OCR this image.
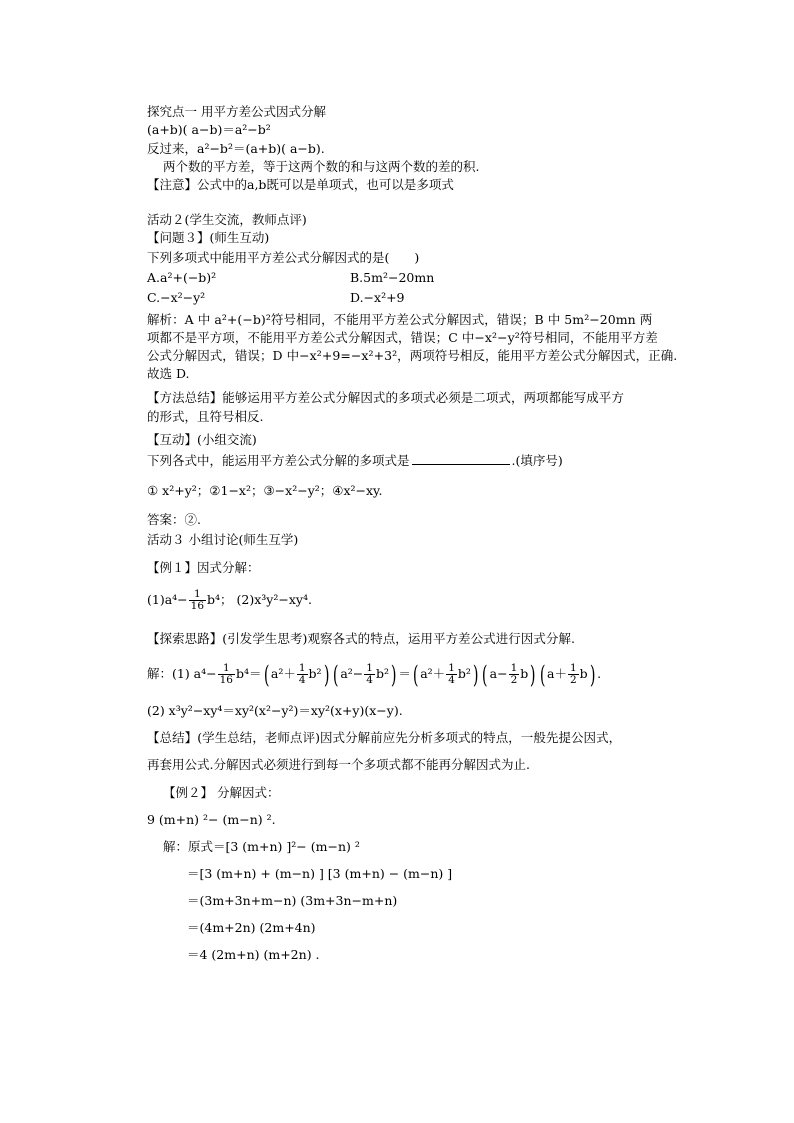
探究点一 用平方差公式因式分解
(a+b)( a−b)＝a²−b²
反过来，a²−b²＝(a+b)( a−b).
两个数的平方差，等于这两个数的和与这两个数的差的积.
【注意】公式中的a,b既可以是单项式，也可以是多项式
活动２(学生交流，教师点评)
【问题３】(师生互动)
下列多项式中能用平方差公式分解因式的是(　　)
A.a²+(−b)²	B.5m²−20mn
C.−x²−y²	D.−x²+9
解析：A 中 a²+(−b)²符号相同，不能用平方差公式分解因式，错误；B 中 5m²−20mn 两
项都不是平方项，不能用平方差公式分解因式，错误；C 中−x²−y²符号相同，不能用平方差
公式分解因式，错误；D 中−x²+9=−x²+3²，两项符号相反，能用平方差公式分解因式，正确.
故选 D.
【方法总结】能够运用平方差公式分解因式的多项式必须是二项式，两项都能写成平方
的形式，且符号相反.
【互动】(小组交流)
下列各式中，能运用平方差公式分解的多项式是	.(填序号)
① x²+y²；②1−x²；③−x²−y²；④x²−xy.
答案：②.
活动３ 小组讨论(师生互学)
【例１】因式分解：
$(1)a^4- \frac{1}{16} b^4$； (2)x³y²−xy⁴.
【探索思路】(引发学生思考)观察各式的特点，运用平方差公式进行因式分解.
解：(1) $a^4- \frac{1}{16} b^4=$( $a^2+ \frac{1}{4} b^2$) ( $a^2- \frac{1}{4} b^2$) ＝( $a^2+ \frac{1}{4} b^2$) ( $a- \frac{1}{2} b$) ( $a+ \frac{1}{2} b$) .
(2) x³y²−xy⁴＝xy²(x²−y²)＝xy²(x+y)(x−y).
【总结】(学生总结，老师点评)因式分解前应先分析多项式的特点，一般先提公因式，
再套用公式.分解因式必须进行到每一个多项式都不能再分解因式为止.
【例２】 分解因式：
9 (m+n) ²− (m−n) ².
解：原式＝[3 (m+n) ]²− (m−n) ²
＝[3 (m+n) + (m−n) ] [3 (m+n) − (m−n) ]
＝(3m+3n+m−n) (3m+3n−m+n)
＝(4m+2n) (2m+4n)
＝4 (2m+n) (m+2n) .
